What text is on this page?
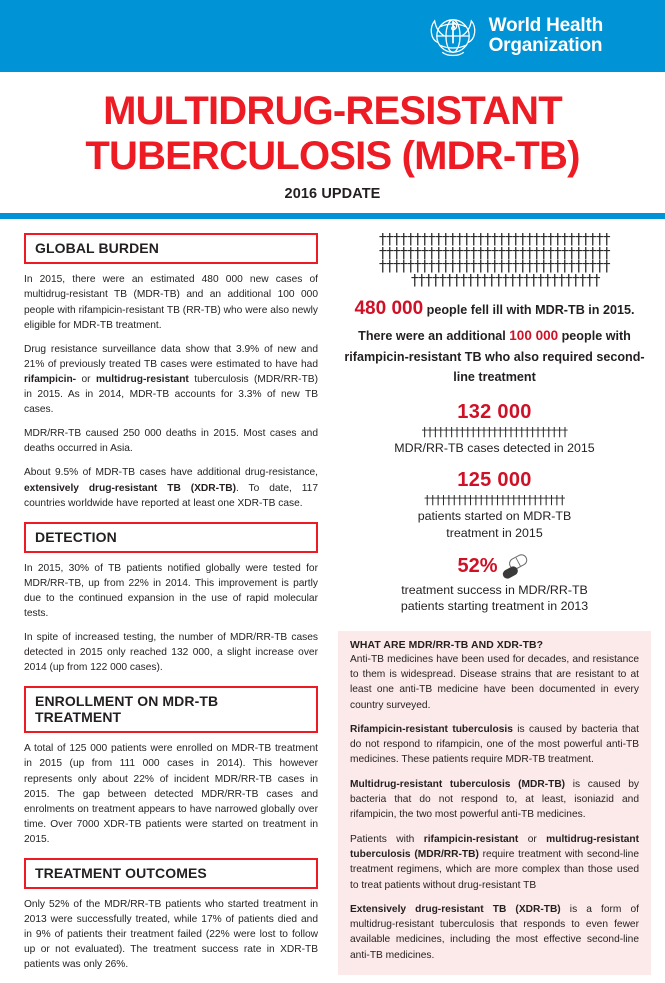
World Health
Organization
MULTIDRUG-RESISTANT
TUBERCULOSIS (MDR-TB)
2016 UPDATE
GLOBAL BURDEN

In 2015, there were an estimated 480 000 new cases of multidrug-resistant TB (MDR-TB) and an additional 100 000 people with rifampicin-resistant TB (RR-TB) who were also newly eligible for MDR-TB treatment.

Drug resistance surveillance data show that 3.9% of new and 21% of previously treated TB cases were estimated to have had rifampicin- or multidrug-resistant tuberculosis (MDR/RR-TB) in 2015. As in 2014, MDR-TB accounts for 3.3% of new TB cases.

MDR/RR-TB caused 250 000 deaths in 2015. Most cases and deaths occurred in Asia.

About 9.5% of MDR-TB cases have additional drug-resistance, extensively drug-resistant TB (XDR-TB). To date, 117 countries worldwide have reported at least one XDR-TB case.

DETECTION

In 2015, 30% of TB patients notified globally were tested for MDR/RR-TB, up from 22% in 2014. This improvement is partly due to the continued expansion in the use of rapid molecular tests.

In spite of increased testing, the number of MDR/RR-TB cases detected in 2015 only reached 132 000, a slight increase over 2014 (up from 122 000 cases).

ENROLLMENT ON MDR-TB TREATMENT

A total of 125 000 patients were enrolled on MDR-TB treatment in 2015 (up from 111 000 cases in 2014). This however represents only about 22% of incident MDR/RR-TB cases in 2015. The gap between detected MDR/RR-TB cases and enrolments on treatment appears to have narrowed globally over time. Over 7000 XDR-TB patients were started on treatment in 2015.

TREATMENT OUTCOMES

Only 52% of the MDR/RR-TB patients who started treatment in 2013 were successfully treated, while 17% of patients died and in 9% of patients their treatment failed (22% were lost to follow up or not evaluated). The treatment success rate in XDR-TB patients was only 26%.

†††††††††††††††††††††††††††††††††
†††††††††††††††††††††††††††††††††
†††††††††††††††††††††††††††††††††
†††††††††††††††††††††††††††
480 000 people fell ill with MDR-TB in 2015. There were an additional 100 000 people with rifampicin-resistant TB who also required second-line treatment
132 000
†††††††††††††††††††††††††††
MDR/RR-TB cases detected in 2015
125 000
††††††††††††††††††††††††††
patients started on MDR-TB
treatment in 2015
52%
treatment success in MDR/RR-TB
patients starting treatment in 2013
WHAT ARE MDR/RR-TB AND XDR-TB?

Anti-TB medicines have been used for decades, and resistance to them is widespread. Disease strains that are resistant to at least one anti-TB medicine have been documented in every country surveyed.

Rifampicin-resistant tuberculosis is caused by bacteria that do not respond to rifampicin, one of the most powerful anti-TB medicines. These patients require MDR-TB treatment.

Multidrug-resistant tuberculosis (MDR-TB) is caused by bacteria that do not respond to, at least, isoniazid and rifampicin, the two most powerful anti-TB medicines.

Patients with rifampicin-resistant or multidrug-resistant tuberculosis (MDR/RR-TB) require treatment with second-line treatment regimens, which are more complex than those used to treat patients without drug-resistant TB

Extensively drug-resistant TB (XDR-TB) is a form of multidrug-resistant tuberculosis that responds to even fewer available medicines, including the most effective second-line anti-TB medicines.
